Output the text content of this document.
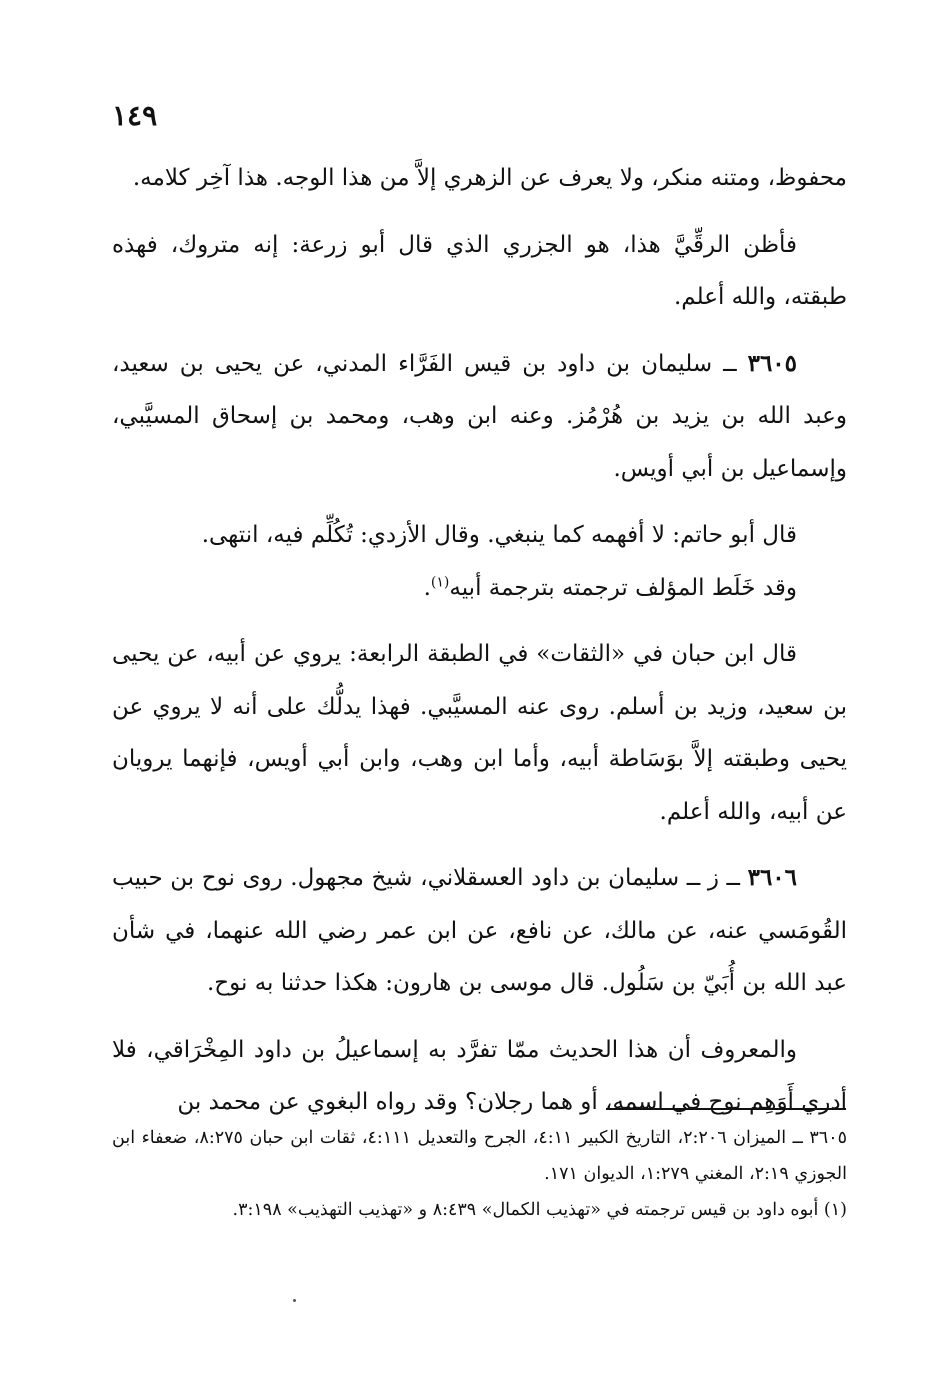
١٤٩

محفوظ، ومتنه منكر، ولا يعرف عن الزهري إلاَّ من هذا الوجه. هذا آخِر كلامه.

فأظن الرقِّيَّ هذا، هو الجزري الذي قال أبو زرعة: إنه متروك، فهذه طبقته، والله أعلم.

٣٦٠٥ ــ سليمان بن داود بن قيس الفَرَّاء المدني، عن يحيى بن سعيد، وعبد الله بن يزيد بن هُرْمُز. وعنه ابن وهب، ومحمد بن إسحاق المسيَّبي، وإسماعيل بن أبي أويس.

قال أبو حاتم: لا أفهمه كما ينبغي. وقال الأزدي: تُكُلِّم فيه، انتهى.

وقد خَلَط المؤلف ترجمته بترجمة أبيه$^{(١)}$.

قال ابن حبان في «الثقات» في الطبقة الرابعة: يروي عن أبيه، عن يحيى بن سعيد، وزيد بن أسلم. روى عنه المسيَّبي. فهذا يدلُّك على أنه لا يروي عن يحيى وطبقته إلاَّ بوَسَاطة أبيه، وأما ابن وهب، وابن أبي أويس، فإنهما يرويان عن أبيه، والله أعلم.

٣٦٠٦ ــ ز ــ سليمان بن داود العسقلاني، شيخ مجهول. روى نوح بن حبيب القُومَسي عنه، عن مالك، عن نافع، عن ابن عمر رضي الله عنهما، في شأن عبد الله بن أُبَيّ بن سَلُول. قال موسى بن هارون: هكذا حدثنا به نوح.

والمعروف أن هذا الحديث ممّا تفرَّد به إسماعيلُ بن داود المِخْرَاقي، فلا أدري أَوَهِم نوح في اسمه، أو هما رجلان؟ وقد رواه البغوي عن محمد بن

٣٦٠٥ ــ الميزان ٢:٢٠٦، التاريخ الكبير ٤:١١، الجرح والتعديل ٤:١١١، ثقات ابن حبان ٨:٢٧٥، ضعفاء ابن الجوزي ٢:١٩، المغني ١:٢٧٩، الديوان ١٧١.

(١) أبوه داود بن قيس ترجمته في «تهذيب الكمال» ٨:٤٣٩ و «تهذيب التهذيب» ٣:١٩٨.
